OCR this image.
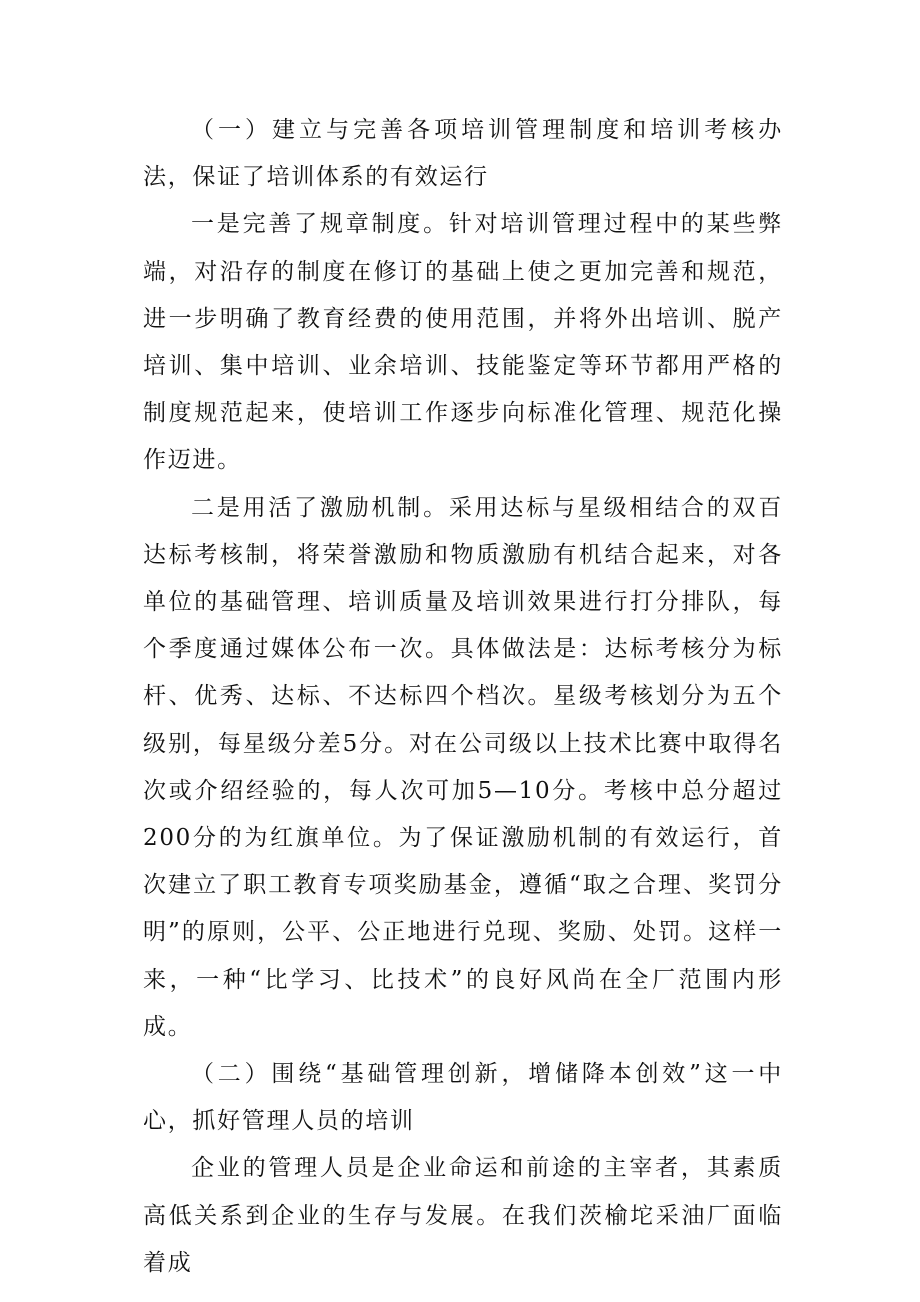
（一）建立与完善各项培训管理制度和培训考核办法，保证了培训体系的有效运行

一是完善了规章制度。针对培训管理过程中的某些弊端，对沿存的制度在修订的基础上使之更加完善和规范，进一步明确了教育经费的使用范围，并将外出培训、脱产培训、集中培训、业余培训、技能鉴定等环节都用严格的制度规范起来，使培训工作逐步向标准化管理、规范化操作迈进。

二是用活了激励机制。采用达标与星级相结合的双百达标考核制，将荣誉激励和物质激励有机结合起来，对各单位的基础管理、培训质量及培训效果进行打分排队，每个季度通过媒体公布一次。具体做法是：达标考核分为标杆、优秀、达标、不达标四个档次。星级考核划分为五个级别，每星级分差5分。对在公司级以上技术比赛中取得名次或介绍经验的，每人次可加5—10分。考核中总分超过200分的为红旗单位。为了保证激励机制的有效运行，首次建立了职工教育专项奖励基金，遵循“取之合理、奖罚分明”的原则，公平、公正地进行兑现、奖励、处罚。这样一来，一种“比学习、比技术”的良好风尚在全厂范围内形成。

（二）围绕“基础管理创新，增储降本创效”这一中心，抓好管理人员的培训

企业的管理人员是企业命运和前途的主宰者，其素质高低关系到企业的生存与发展。在我们茨榆坨采油厂面临着成
